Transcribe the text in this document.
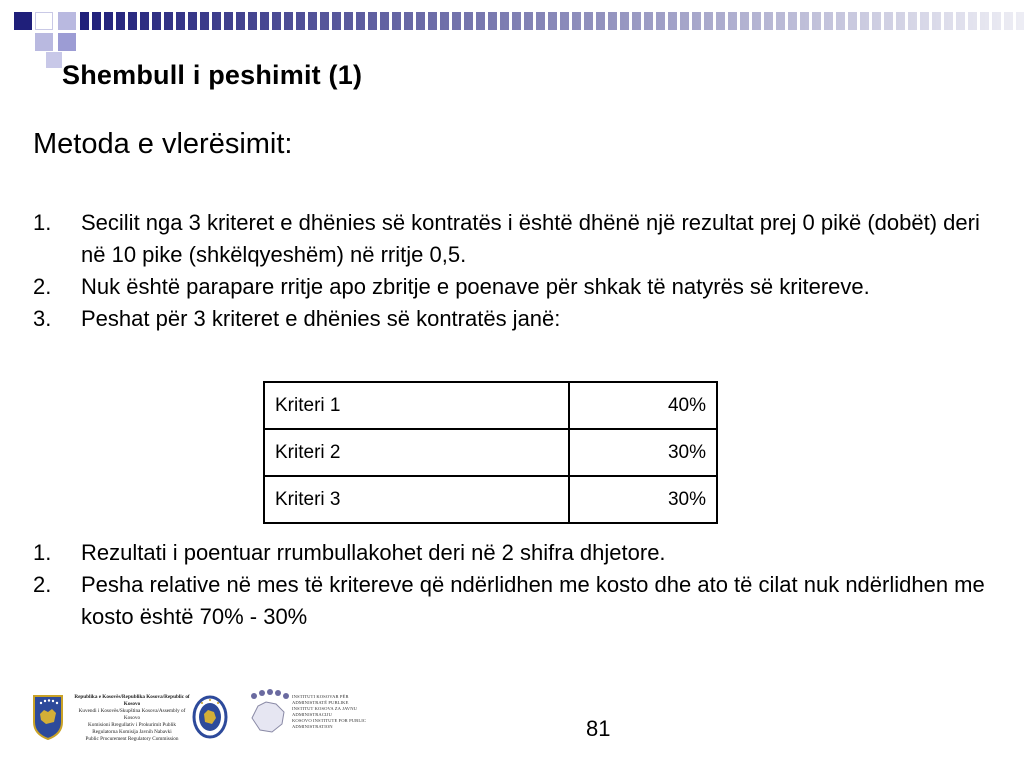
Shembull i peshimit (1)
Metoda e vlerësimit:
1.	Secilit nga 3 kriteret e dhënies së kontratës i është dhënë një rezultat prej 0 pikë (dobët) deri në 10 pike (shkëlqyeshëm) në rritje 0,5.
2.	Nuk është parapare rritje apo zbritje e poenave për shkak të natyrës së kritereve.
3.	Peshat për 3 kriteret e dhënies së kontratës janë:
Kriteri 1	40%
Kriteri 2	30%
Kriteri 3	30%
1.	Rezultati i poentuar rrumbullakohet deri në 2 shifra dhjetore.
2.	Pesha relative në mes të kritereve që ndërlidhen me kosto dhe ato të cilat nuk ndërlidhen me kosto është 70% - 30%
Republika e Kosovës/Republika Kosova/Republic of Kosovo
Kuvendi i Kosovës/Skupština Kosova/Assembly of Kosovo
Komisioni Rregullativ i Prokurimit Publik
Regulatorna Komisija Javnih Nabavki
Public Procurement Regulatory Commission
INSTITUTI KOSOVAR PËR ADMINISTRATË PUBLIKE
INSTITUT KOSOVA ZA JAVNU ADMINISTRACIJU
KOSOVO INSTITUTE FOR PUBLIC ADMINISTRATION	81
